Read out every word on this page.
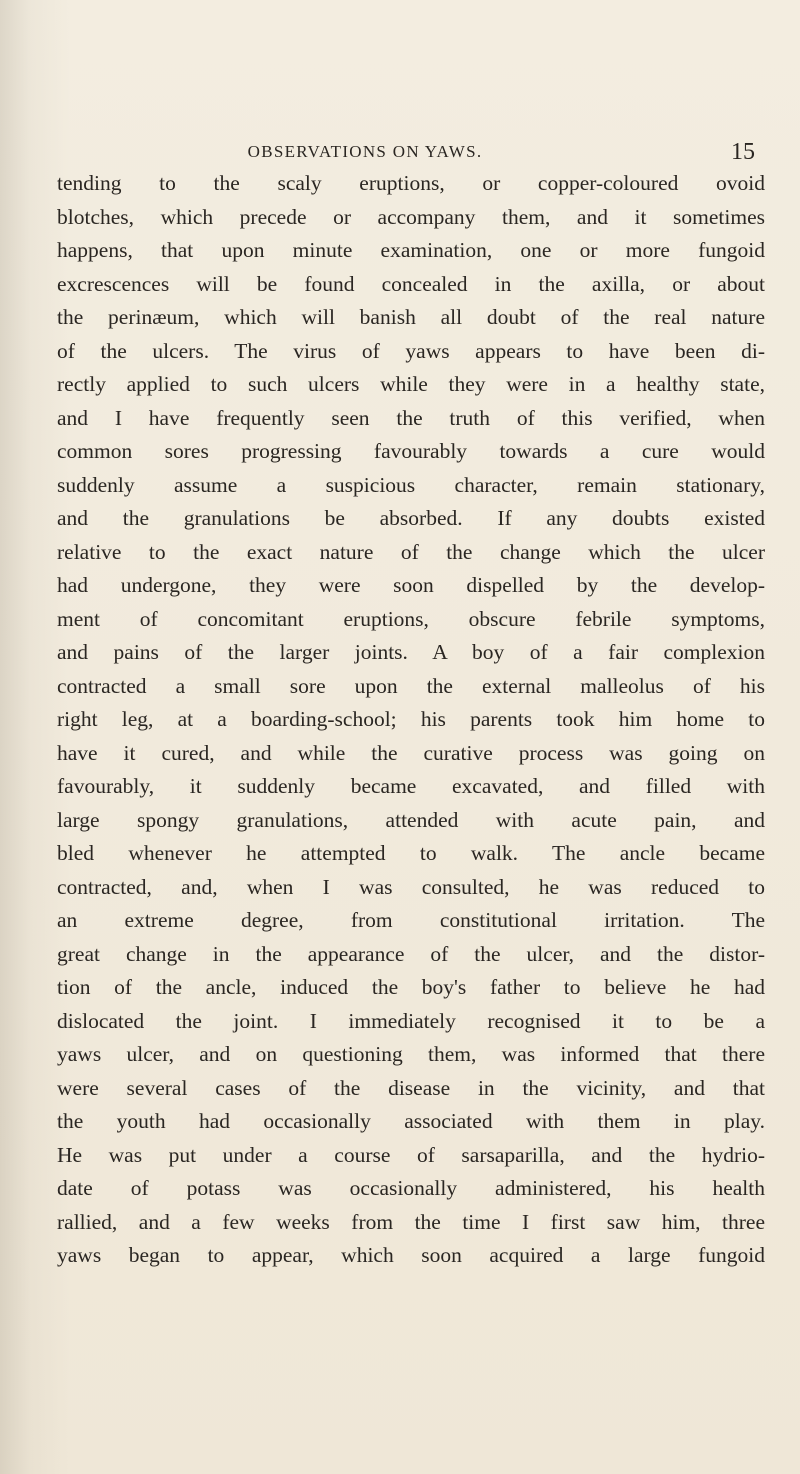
OBSERVATIONS ON YAWS.	15
tending to the scaly eruptions, or copper-coloured ovoid
blotches, which precede or accompany them, and it sometimes
happens, that upon minute examination, one or more fungoid
excrescences will be found concealed in the axilla, or about
the perinæum, which will banish all doubt of the real nature
of the ulcers. The virus of yaws appears to have been di-
rectly applied to such ulcers while they were in a healthy state,
and I have frequently seen the truth of this verified, when
common sores progressing favourably towards a cure would
suddenly assume a suspicious character, remain stationary,
and the granulations be absorbed. If any doubts existed
relative to the exact nature of the change which the ulcer
had undergone, they were soon dispelled by the develop-
ment of concomitant eruptions, obscure febrile symptoms,
and pains of the larger joints. A boy of a fair complexion
contracted a small sore upon the external malleolus of his
right leg, at a boarding-school; his parents took him home to
have it cured, and while the curative process was going on
favourably, it suddenly became excavated, and filled with
large spongy granulations, attended with acute pain, and
bled whenever he attempted to walk. The ancle became
contracted, and, when I was consulted, he was reduced to
an extreme degree, from constitutional irritation. The
great change in the appearance of the ulcer, and the distor-
tion of the ancle, induced the boy's father to believe he had
dislocated the joint. I immediately recognised it to be a
yaws ulcer, and on questioning them, was informed that there
were several cases of the disease in the vicinity, and that
the youth had occasionally associated with them in play.
He was put under a course of sarsaparilla, and the hydrio-
date of potass was occasionally administered, his health
rallied, and a few weeks from the time I first saw him, three
yaws began to appear, which soon acquired a large fungoid
